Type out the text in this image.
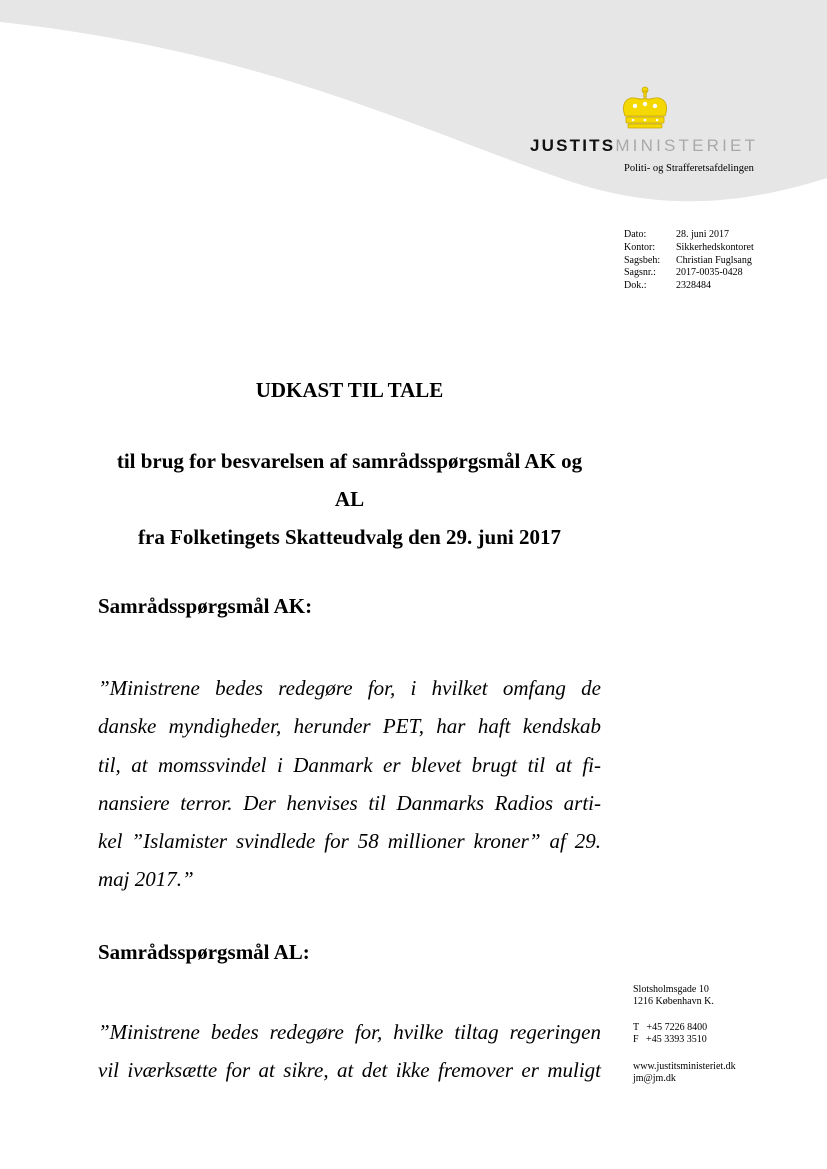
JUSTITSMINISTERIET
Politi- og Strafferetsafdelingen
Dato:	28. juni 2017
Kontor:	Sikkerhedskontoret
Sagsbeh:	Christian Fuglsang
Sagsnr.:	2017-0035-0428
Dok.:	2328484
UDKAST TIL TALE
til brug for besvarelsen af samrådsspørgsmål AK og
AL
fra Folketingets Skatteudvalg den 29. juni 2017
Samrådsspørgsmål AK:
”Ministrene bedes redegøre for, i hvilket omfang de
danske myndigheder, herunder PET, har haft kendskab
til, at momssvindel i Danmark er blevet brugt til at fi-
nansiere terror. Der henvises til Danmarks Radios arti-
kel ”Islamister svindlede for 58 millioner kroner” af 29.
maj 2017.”
Samrådsspørgsmål AL:
”Ministrene bedes redegøre for, hvilke tiltag regeringen
vil iværksætte for at sikre, at det ikke fremover er muligt
Slotsholmsgade 10
1216 København K.
T   +45 7226 8400
F   +45 3393 3510
www.justitsministeriet.dk
jm@jm.dk
